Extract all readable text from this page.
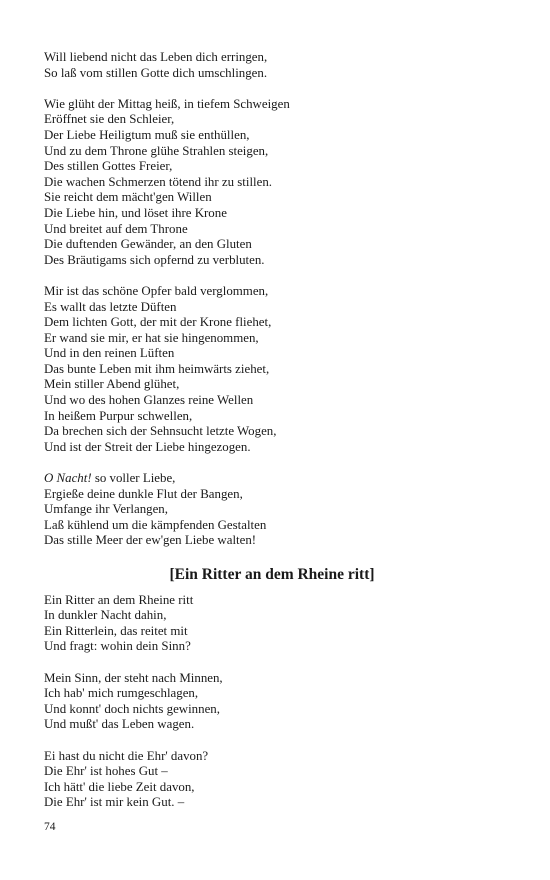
Will liebend nicht das Leben dich erringen,
So laß vom stillen Gotte dich umschlingen.
Wie glüht der Mittag heiß, in tiefem Schweigen
Eröffnet sie den Schleier,
Der Liebe Heiligtum muß sie enthüllen,
Und zu dem Throne glühe Strahlen steigen,
Des stillen Gottes Freier,
Die wachen Schmerzen tötend ihr zu stillen.
Sie reicht dem mächt'gen Willen
Die Liebe hin, und löset ihre Krone
Und breitet auf dem Throne
Die duftenden Gewänder, an den Gluten
Des Bräutigams sich opfernd zu verbluten.
Mir ist das schöne Opfer bald verglommen,
Es wallt das letzte Düften
Dem lichten Gott, der mit der Krone fliehet,
Er wand sie mir, er hat sie hingenommen,
Und in den reinen Lüften
Das bunte Leben mit ihm heimwärts ziehet,
Mein stiller Abend glühet,
Und wo des hohen Glanzes reine Wellen
In heißem Purpur schwellen,
Da brechen sich der Sehnsucht letzte Wogen,
Und ist der Streit der Liebe hingezogen.
O Nacht! so voller Liebe,
Ergieße deine dunkle Flut der Bangen,
Umfange ihr Verlangen,
Laß kühlend um die kämpfenden Gestalten
Das stille Meer der ew'gen Liebe walten!
[Ein Ritter an dem Rheine ritt]
Ein Ritter an dem Rheine ritt
In dunkler Nacht dahin,
Ein Ritterlein, das reitet mit
Und fragt: wohin dein Sinn?
Mein Sinn, der steht nach Minnen,
Ich hab' mich rumgeschlagen,
Und konnt' doch nichts gewinnen,
Und mußt' das Leben wagen.
Ei hast du nicht die Ehr' davon?
Die Ehr' ist hohes Gut –
Ich hätt' die liebe Zeit davon,
Die Ehr' ist mir kein Gut. –
74
